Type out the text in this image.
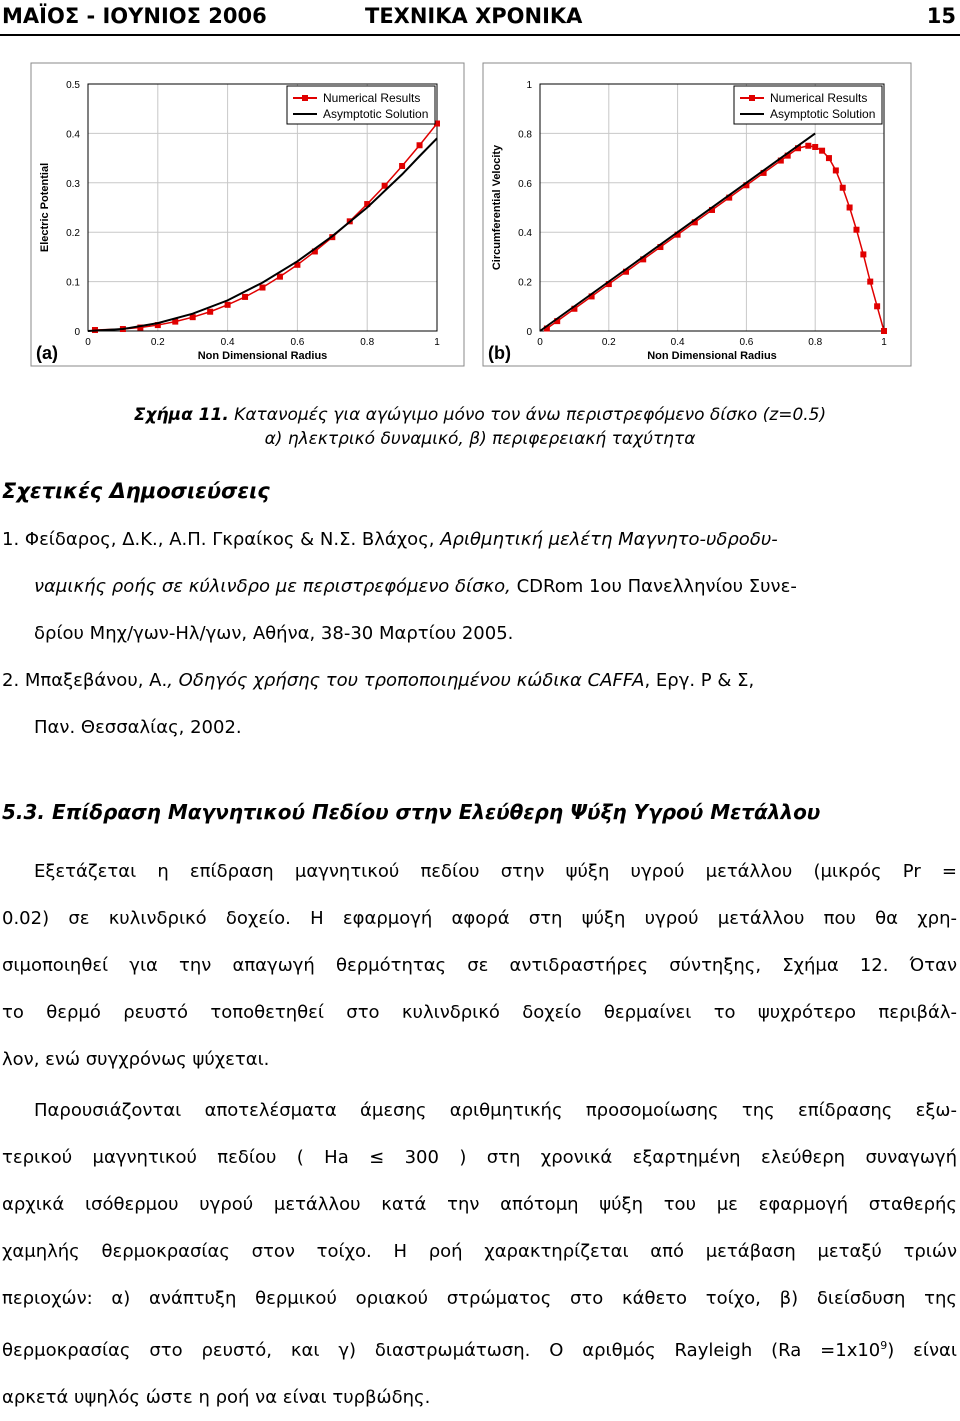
ΜΑΪΟΣ - ΙΟΥΝΙΟΣ 2006	ΤΕΧΝΙΚΑ ΧΡΟΝΙΚΑ	15
0	0.2	0.4	0.6	0.8	1
0
0.1
0.2
0.3
0.4
0.5
Non Dimensional Radius
Electric Potential
(a)
Numerical Results
Asymptotic Solution
0	0.2	0.4	0.6	0.8	1
0
0.2
0.4
0.6
0.8
1
Non Dimensional Radius
Circumferential Velocity
(b)
Numerical Results
Asymptotic Solution
Σχήμα 11. Κατανομές για αγώγιμο μόνο τον άνω περιστρεφόμενο δίσκο (z=0.5)
α) ηλεκτρικό δυναμικό, β) περιφερειακή ταχύτητα
Σχετικές Δημοσιεύσεις
1. Φείδαρος, Δ.Κ., Α.Π. Γκραίκος & Ν.Σ. Βλάχος, Αριθμητική μελέτη Μαγνητο-υδροδυ-
ναμικής ροής σε κύλινδρο με περιστρεφόμενο δίσκο, CDRom 1ου Πανελληνίου Συνε-
δρίου Μηχ/γων-Ηλ/γων, Αθήνα, 38-30 Μαρτίου 2005.
2. Μπαξεβάνου, Α., Οδηγός χρήσης του τροποποιημένου κώδικα CAFFA, Εργ. Ρ & Σ,
Παν. Θεσσαλίας, 2002.
5.3. Επίδραση Μαγνητικού Πεδίου στην Ελεύθερη Ψύξη Υγρού Μετάλλου
Εξετάζεται η επίδραση μαγνητικού πεδίου στην ψύξη υγρού μετάλλου (μικρός Pr =
0.02) σε κυλινδρικό δοχείο. Η εφαρμογή αφορά στη ψύξη υγρού μετάλλου που θα χρη-
σιμοποιηθεί για την απαγωγή θερμότητας σε αντιδραστήρες σύντηξης, Σχήμα 12. Όταν
το θερμό ρευστό τοποθετηθεί στο κυλινδρικό δοχείο θερμαίνει το ψυχρότερο περιβάλ-
λον, ενώ συγχρόνως ψύχεται.
Παρουσιάζονται αποτελέσματα άμεσης αριθμητικής προσομοίωσης της επίδρασης εξω-
τερικού μαγνητικού πεδίου ( Ha ≤ 300 ) στη χρονικά εξαρτημένη ελεύθερη συναγωγή
αρχικά ισόθερμου υγρού μετάλλου κατά την απότομη ψύξη του με εφαρμογή σταθερής
χαμηλής θερμοκρασίας στον τοίχο. Η ροή χαρακτηρίζεται από μετάβαση μεταξύ τριών
περιοχών: α) ανάπτυξη θερμικού οριακού στρώματος στο κάθετο τοίχο, β) διείσδυση της
θερμοκρασίας στο ρευστό, και γ) διαστρωμάτωση. Ο αριθμός Rayleigh $(Ra =1x10^9)$ είναι
αρκετά υψηλός ώστε η ροή να είναι τυρβώδης.
